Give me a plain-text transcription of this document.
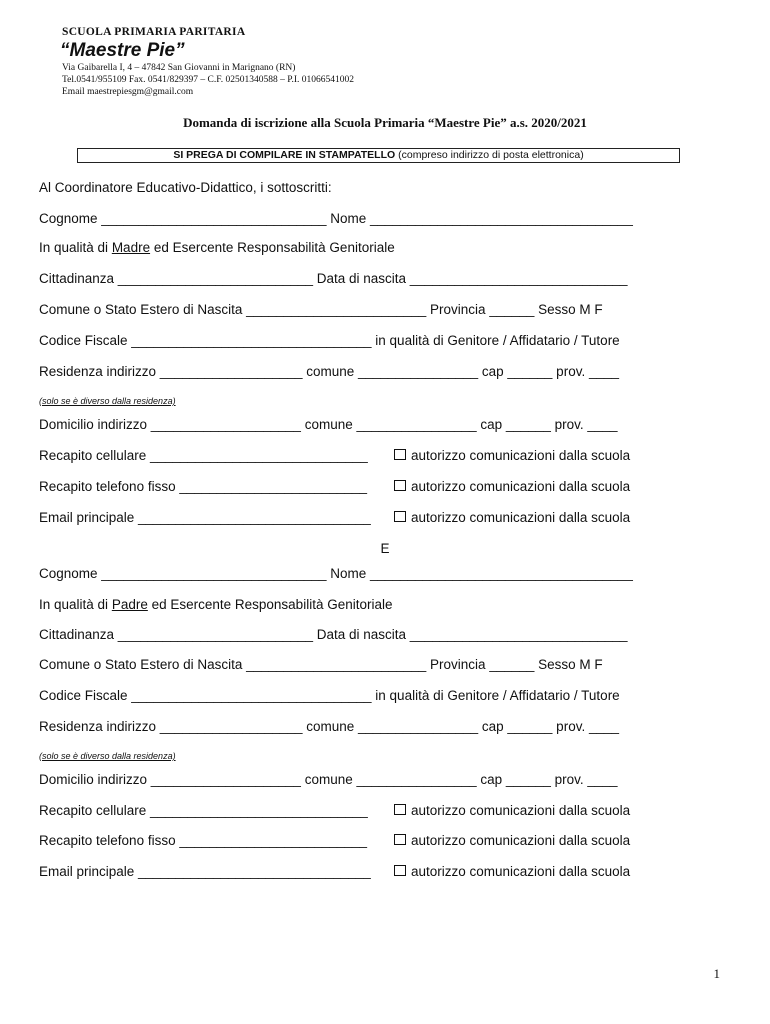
SCUOLA PRIMARIA PARITARIA
“Maestre Pie”
Via Gaibarella I, 4 – 47842 San Giovanni in Marignano (RN)
Tel.0541/955109 Fax. 0541/829397 – C.F. 02501340588 – P.I. 01066541002
Email maestrepiesgm@gmail.com
Domanda di iscrizione alla Scuola Primaria “Maestre Pie” a.s. 2020/2021
SI PREGA DI COMPILARE IN STAMPATELLO (compreso indirizzo di posta elettronica)
Al Coordinatore Educativo-Didattico, i sottoscritti:
Cognome ______________________________ Nome ___________________________________
In qualità di Madre ed Esercente Responsabilità Genitoriale
Cittadinanza __________________________ Data di nascita _____________________________
Comune o Stato Estero di Nascita ________________________ Provincia ______ Sesso M F
Codice Fiscale ________________________________ in qualità di Genitore / Affidatario / Tutore
Residenza indirizzo ___________________ comune ________________ cap ______ prov. ____
(solo se è diverso dalla residenza)
Domicilio indirizzo ____________________ comune ________________ cap ______ prov. ____
Recapito cellulare _____________________________	autorizzo comunicazioni dalla scuola
Recapito telefono fisso _________________________	autorizzo comunicazioni dalla scuola
Email principale _______________________________	autorizzo comunicazioni dalla scuola
E
Cognome ______________________________ Nome ___________________________________
In qualità di Padre ed Esercente Responsabilità Genitoriale
Cittadinanza __________________________ Data di nascita _____________________________
Comune o Stato Estero di Nascita ________________________ Provincia ______ Sesso M F
Codice Fiscale ________________________________ in qualità di Genitore / Affidatario / Tutore
Residenza indirizzo ___________________ comune ________________ cap ______ prov. ____
(solo se è diverso dalla residenza)
Domicilio indirizzo ____________________ comune ________________ cap ______ prov. ____
Recapito cellulare _____________________________	autorizzo comunicazioni dalla scuola
Recapito telefono fisso _________________________	autorizzo comunicazioni dalla scuola
Email principale _______________________________	autorizzo comunicazioni dalla scuola
1
